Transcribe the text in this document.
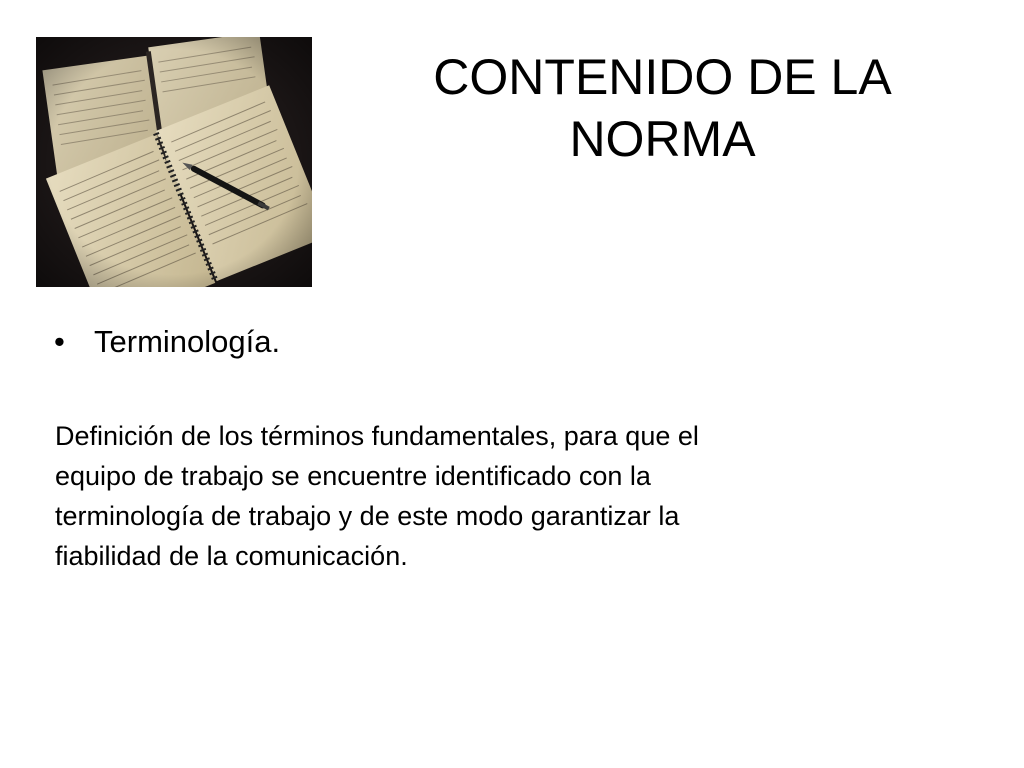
CONTENIDO DE LA
NORMA
• Terminología.

Definición de los términos fundamentales, para que el
equipo de trabajo se encuentre identificado con la
terminología de trabajo y de este modo garantizar la
fiabilidad de la comunicación.
